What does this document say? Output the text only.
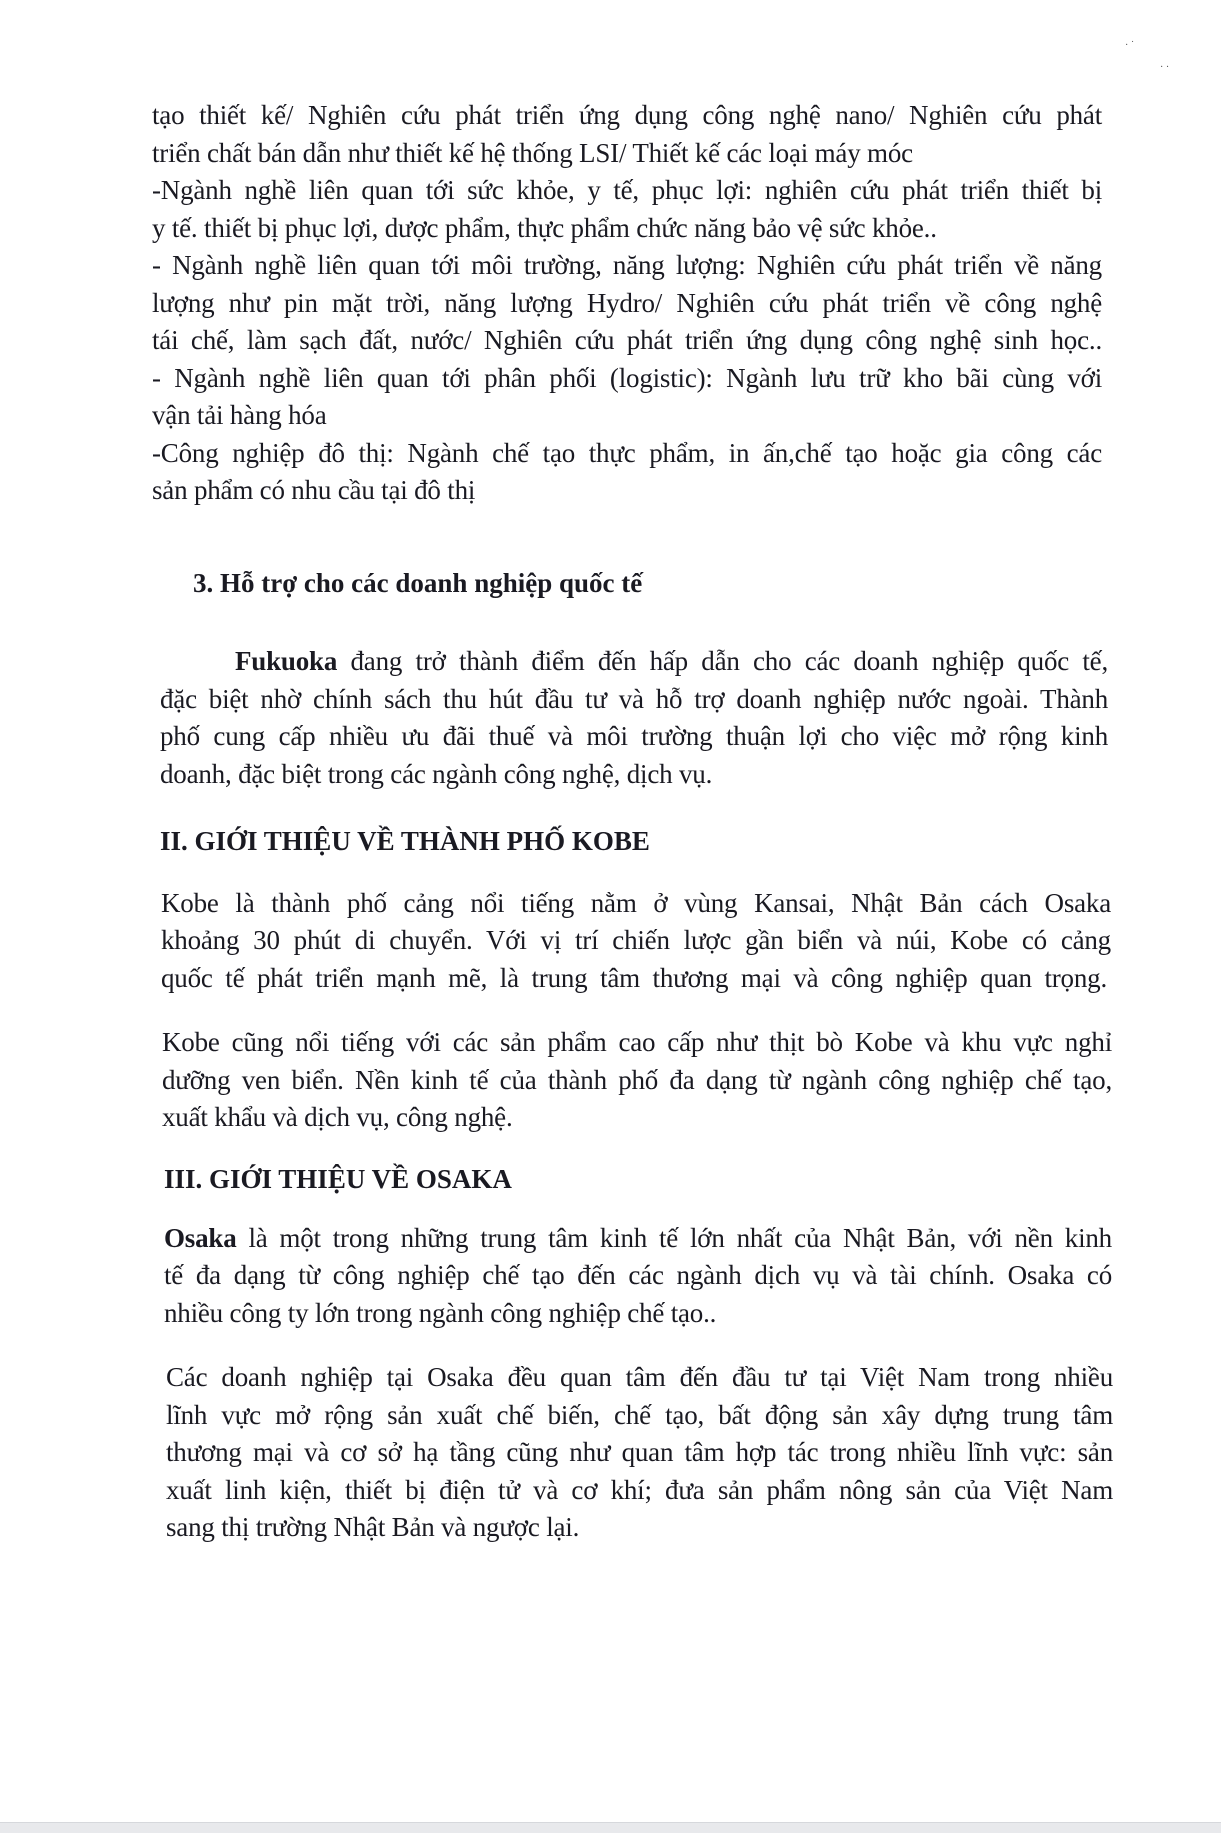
· ˙
· ·
tạo thiết kế/ Nghiên cứu phát triển ứng dụng công nghệ nano/ Nghiên cứu phát
triển chất bán dẫn như thiết kế hệ thống LSI/ Thiết kế các loại máy móc
-Ngành nghề liên quan tới sức khỏe, y tế, phục lợi: nghiên cứu phát triển thiết bị
y tế. thiết bị phục lợi, dược phẩm, thực phẩm chức năng bảo vệ sức khỏe..
- Ngành nghề liên quan tới môi trường, năng lượng: Nghiên cứu phát triển về năng
lượng như pin mặt trời, năng lượng Hydro/ Nghiên cứu phát triển về công nghệ
tái chế, làm sạch đất, nước/ Nghiên cứu phát triển ứng dụng công nghệ sinh học..
- Ngành nghề liên quan tới phân phối (logistic): Ngành lưu trữ kho bãi cùng với
vận tải hàng hóa
-Công nghiệp đô thị: Ngành chế tạo thực phẩm, in ấn,chế tạo hoặc gia công các
sản phẩm có nhu cầu tại đô thị
3. Hỗ trợ cho các doanh nghiệp quốc tế
Fukuoka đang trở thành điểm đến hấp dẫn cho các doanh nghiệp quốc tế,
đặc biệt nhờ chính sách thu hút đầu tư và hỗ trợ doanh nghiệp nước ngoài. Thành
phố cung cấp nhiều ưu đãi thuế và môi trường thuận lợi cho việc mở rộng kinh
doanh, đặc biệt trong các ngành công nghệ, dịch vụ.
II. GIỚI THIỆU VỀ THÀNH PHỐ KOBE
Kobe là thành phố cảng nổi tiếng nằm ở vùng Kansai, Nhật Bản cách Osaka
khoảng 30 phút di chuyển. Với vị trí chiến lược gần biển và núi, Kobe có cảng
quốc tế phát triển mạnh mẽ, là trung tâm thương mại và công nghiệp quan trọng.
Kobe cũng nổi tiếng với các sản phẩm cao cấp như thịt bò Kobe và khu vực nghỉ
dưỡng ven biển. Nền kinh tế của thành phố đa dạng từ ngành công nghiệp chế tạo,
xuất khẩu và dịch vụ, công nghệ.
III. GIỚI THIỆU VỀ OSAKA
Osaka là một trong những trung tâm kinh tế lớn nhất của Nhật Bản, với nền kinh
tế đa dạng từ công nghiệp chế tạo đến các ngành dịch vụ và tài chính. Osaka có
nhiều công ty lớn trong ngành công nghiệp chế tạo..
Các doanh nghiệp tại Osaka đều quan tâm đến đầu tư tại Việt Nam trong nhiều
lĩnh vực mở rộng sản xuất chế biến, chế tạo, bất động sản xây dựng trung tâm
thương mại và cơ sở hạ tầng cũng như quan tâm hợp tác trong nhiều lĩnh vực: sản
xuất linh kiện, thiết bị điện tử và cơ khí; đưa sản phẩm nông sản của Việt Nam
sang thị trường Nhật Bản và ngược lại.
